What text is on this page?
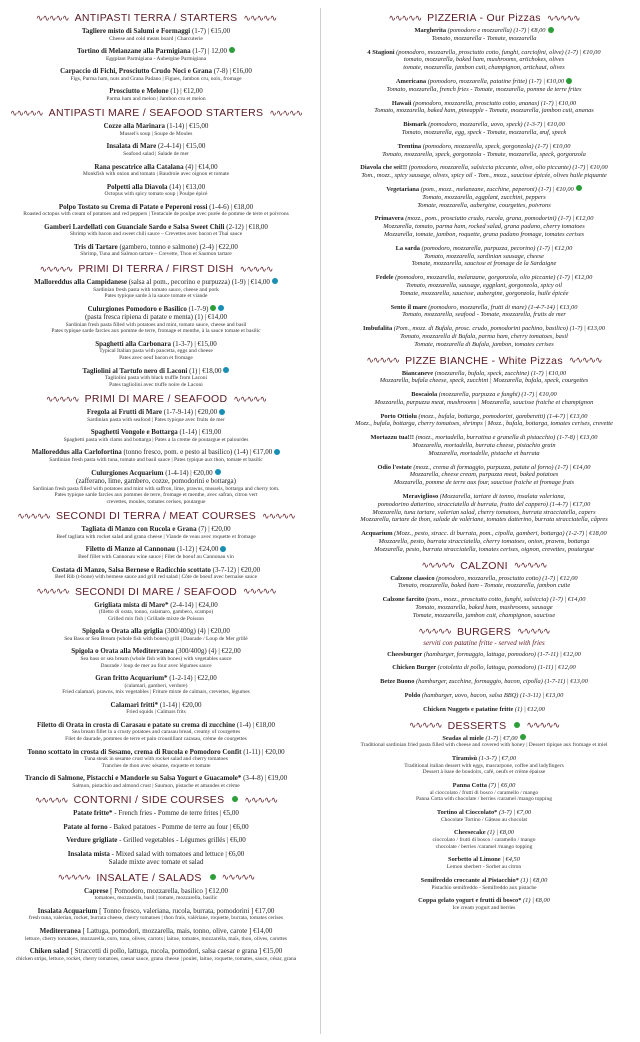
∿∿∿∿∿ ANTIPASTI TERRA / STARTERS ∿∿∿∿∿
Tagliere misto di Salumi e Formaggi (1-7) | €15,00
Cheese and cold meats board | Charcuterie
Tortino di Melanzane alla Parmigiana (1-7) | 12,00
Eggplant Parmigiana - Aubergine Parmigiana
Carpaccio di Fichi, Prosciutto Crudo Noci e Grana (7-8) | €16,00
Figs, Parma ham, nuts and Grana Padano | Figues, Jambon cru, noix, fromage
Prosciutto e Melone (1) | €12,00
Parma ham and melon | Jambon cru et melon
∿∿∿∿∿ ANTIPASTI MARE / SEAFOOD STARTERS ∿∿∿∿∿
Cozze alla Marinara (1-14) | €15,00
Mussel's soup | Soupe de Moules
Insalata di Mare (2-4-14) | €15,00
Seafood salad | Salade de mer
Rana pescatrice alla Catalana (4) | €14,00
Monkfish with onion and tomato | Baudroie avec oignon et tomate
Polpetti alla Diavola (14) | €13,00
Octopus with spicy tomato soup | Poulpe épicé
Polpo Tostato su Crema di Patate e Peperoni rossi (1-4-6) | €18,00
Roasted octopus with cream of potatoes and red peppers | Tentacule de poulpe avec purée de pomme de terre et poivrons
Gamberi Lardellati con Guanciale Sardo e Salsa Sweet Chili (2-12) | €18,00
Shrimp with bacon and sweet chili sauce – Crevettes avec bacon et Thai sauce
Tris di Tartare (gambero, tonno e salmone) (2-4) | €22,00
Shrimp, Tuna and Salmon tartare – Crevette, Thon et Saumon tartare
∿∿∿∿∿ PRIMI DI TERRA / FIRST DISH ∿∿∿∿∿
Malloreddus alla Campidanese (salsa al pom., pecorino e purpuzza) (1-9) | €14,00
Sardinian fresh pasta with tomato sauce, cheese and pork
Pates typique sarde à la sauce tomate et viande
Culurgiones Pomodoro e Basilico (1-7-9)
(pasta fresca ripiena di patate e menta) (1) | €14,00
Sardinian fresh pasta filled with potatoes and mint, tomato sauce, cheese and basil
Pates typique sarde farcies aux pomme de terre, fromage et menthe, à la sauce tomate et basilic
Spaghetti alla Carbonara (1-3-7) | €15,00
Typical Italian pasta with pancetta, eggs and cheese
Pates avec oeuf bacon et fromage
Tagliolini al Tartufo nero di Laconi (1) | €18,00
Tagliolini pasta with black truffle from Laconi
Pates tagliolini avec truffe noire de Laconi
∿∿∿∿∿ PRIMI DI MARE / SEAFOOD ∿∿∿∿∿
Fregola ai Frutti di Mare (1-7-9-14) | €20,00
Sardinian pasta with seafood | Pates typique avec fruits de mer
Spaghetti Vongole e Bottarga (1-14) | €19,00
Spaghetti pasta with clams and bottarga | Pates a la creme de poutargue et palourdes
Malloreddus alla Carlofortina (tonno fresco, pom. e pesto al basilico) (1-4) | €17,00
Sardinian fresh pasta with tuna, tomato and basil sauce | Pates typique aux thon, tomate et basilic
Culurgiones Acquarium (1-4-14) | €20,00
(zafferano, lime, gambero, cozze, pomodorini e bottarga)
Sardinian fresh pasta filled with potatoes and mint with saffron, lime, prawns, mussels, bottarga and cherry tom.
Pates typique sarde farcies aux pommes de terre, fromage et menthe, avec safran, citron vert
crevettes, moules, tomates cerises, poutargue
∿∿∿∿∿ SECONDI DI TERRA / MEAT COURSES ∿∿∿∿∿
Tagliata di Manzo con Rucola e Grana (7) | €20,00
Beef tagliata with rocket salad and grana cheese | Viande de veau avec roquette et fromage
Filetto di Manzo al Cannonau (1-12) | €24,00
Beef fillet with Cannonau wine sauce | Filet de boeuf au Cannonau vin
Costata di Manzo, Salsa Bernese e Radicchio scottato (3-7-12) | €20,00
Beef Rib (t-bone) with bernese sauce and grill red salad | Côte de boeuf avec bernaise sauce
∿∿∿∿∿ SECONDI DI MARE / SEAFOOD ∿∿∿∿∿
Grigliata mista di Mare* (2-4-14) | €24,00
(filetto di orata, tonno, calamaro, gambero, scampo)
Grilled mix fish | Grillade mixte de Poisson
Spigola o Orata alla griglia (300/400g) (4) | €20,00
Sea Bass or Sea Bream (whole fish with bones) grill | Daurade / Loup de Mer grillé
Spigola o Orata alla Mediterranea (300/400g) (4) | €22,00
Sea bass or sea bream (whole fish with bones) with vegetables sauce
Daurade / loup de mer au four avec légumes sauce
Gran fritto Acquarium* (1-2-14) | €22,00
(calamari, gamberi, verdure)
Fried calamari, prawns, mix vegetables | Friture mixte de calmars, crevettes, légumes
Calamari fritti* (1-14) | €20,00
Fried squids | Calmars frits
Filetto di Orata in crosta di Carasau e patate su crema di zucchine (1-4) | €18,00
Sea bream fillet in a crusty potatoes and carasau bread, creamy of courgettes
Filet de daurade, pommes de terre et pain croustillant carasau, crème de courgettes
Tonno scottato in crosta di Sesamo, crema di Rucola e Pomodoro Confit (1-11) | €20,00
Tuna steak in sesame crust with rocket salad and cherry tomatoes
Tranches de thon avec sésame, roquette et tomate
Trancio di Salmone, Pistacchi e Mandorle su Salsa Yogurt e Guacamole* (3-4-8) | €19,00
Salmon, pistachio and almond crust | Saumon, pistache et amandes et crème
∿∿∿∿∿ CONTORNI / SIDE COURSES ∿∿∿∿∿
Patate fritte* - French fries - Pomme de terre frites | €5,00
Patate al forno - Baked patatoes - Pomme de terre au four | €6,00
Verdure grigliate - Grilled vegetables - Légumes grillés | €6,00
Insalata mista - Mixed salad with tomatoes and lettuce | €6,00
Salade mixte avec tomate et salad
∿∿∿∿∿ INSALATE / SALADS ∿∿∿∿∿
Caprese [ Pomodoro, mozzarella, basilico ] €12,00
tomatoes, mozzarella, basil | tomate, mozzarella, basilic
Insalata Acquarium [ Tonno fresco, valeriana, rucola, burrata, pomodorini ] €17,00
fresh tuna, valerian, rocket, burrata cheese, cherry tomatoes | thon frais, valériane, roquette, burrata, tomates cerises
Mediterranea [ Lattuga, pomodori, mozzarella, mais, tonno, olive, carote ] €14,00
lettuce, cherry tomatoes, mozzarella, corn, tuna, olives, carrots | laitue, tomates, mozzarella, maïs, thon, olives, carottes
Chiken salad [ Straccetti di pollo, lattuga, rucola, pomodori, salsa caesar e grana ] €15,00
chicken strips, lettuce, rocket, cherry tomatoes, caesar sauce, grana cheese | poulet, laitue, roquette, tomates, sauce, césar, grana
∿∿∿∿∿ PIZZERIA - Our Pizzas ∿∿∿∿∿
Margherita (pomodoro e mozzarella) (1-7) | €8,00
Tomato, mozzarella - Tomate, mozzarella
4 Stagioni (pomodoro, mozzarella, prosciutto cotto, funghi, carciofini, olive) (1-7) | €10,00
tomato, mozzarella, baked ham, mushrooms, artichokes, olives
tomate, mozzarella, jambon cuit, champignon, artichaut, olives
Americana (pomodoro, mozzarella, patatine fritte) (1-7) | €10,00
Tomato, mozzarella, french fries - Tomate, mozzarella, pomme de terre frites
Hawaii (pomodoro, mozzarella, prosciutto cotto, ananas) (1-7) | €10,00
Tomato, mozzarella, baked ham, pineapple - Tomate, mozzarella, jambon cuit, ananas
Bismark (pomodoro, mozzarella, uovo, speck) (1-3-7) | €10,00
Tomato, mozzarella, egg, speck - Tomate, mozzarella, œuf, speck
Trentina (pomodoro, mozzarella, speck, gorgonzola) (1-7) | €10,00
Tomato, mozzarella, speck, gorgonzola - Tomate, mozzarella, speck, gorgonzola
Diavola che sei!!! (pomodoro, mozzarella, salsiccia piccante, olive, olio piccante) (1-7) | €10,00
Tom., mozz., spicy sausage, olives, spicy oil - Tom., mozz., saucisse épicée, olives huile piquante
Vegetariana (pom., mozz., melanzane, zucchine, peperoni) (1-7) | €10,00
Tomato, mozzarella, eggplant, zucchini, peppers
Tomate, mozzarella, aubergine, courgettes, poivrons
Primavera (mozz., pom., prosciutto crudo, rucola, grana, pomodorini) (1-7) | €12,00
Mozzarella, tomato, parma ham, rocked salad, grana padano, cherry tomatoes
Mozzarella, tomate, jambon, roquette, grana padano fromage, tomates cerises
La sarda (pomodoro, mozzarella, purpuzza, pecorino) (1-7) | €12,00
Tomato, mozzarella, sardinian sausage, cheese
Tomate, mozzarella, saucisse et fromage de la Sardaigne
Fedele (pomodoro, mozzarella, melanzane, gorgonzola, olio piccante) (1-7) | €12,00
Tomato, mozzarella, sausage, eggplant, gorgonzola, spicy oil
Tomate, mozzarella, saucisse, aubergine, gorgonzola, huile épicée
Sento il mare (pomodoro, mozzarella, frutti di mare) (1-4-7-14) | €13,00
Tomato, mozzarella, seafood - Tomate, mozzarella, fruits de mer
Imbufalita (Pom., mozz. di Bufala, prosc. crudo, pomodorini pachino, basilico) (1-7) | €13,00
Tomato, mozzarella di Bufala, parma ham, cherry tomatoes, basil
Tomate, mozzarella di Bufala, jambon, tomates cerises
∿∿∿∿∿ PIZZE BIANCHE - White Pizzas ∿∿∿∿∿
Biancaneve (mozzarella, bufala, speck, zucchine) (1-7) | €10,00
Mozzarella, bufala cheese, speck, zucchini | Mozzarella, bufala, speck, courgettes
Boscaiola (mozzarella, purpuzza e funghi) (1-7) | €10,00
Mozzarella, purpuzza meat, mushrooms | Mozzarella, saucisse fraiche et champignon
Porto Ottiolu (mozz., bufala, bottarga, pomodorini, gamberetti) (1-4-7) | €13,00
Mozz., bufala, bottarga, cherry tomatoes, shrimps | Mozz., bufala, bottarga, tomates cerises, crevette
Mortazzu tua!!! (mozz., mortadella, burratina e granella di pistacchio) (1-7-8) | €13,00
Mozzarella, mortadella, burrata cheese, pistachio grain
Mozzarella, mortadelle, pistache et burrata
Odio l'estate (mozz., crema di formaggio, purpuzza, patate al forno) (1-7) | €14,00
Mozzarella, cheese cream, purpuzza meat, baked potatoes
Mozzarella, pomme de terre aux four, saucisse fraiche et fromage frais
Meraviglioso (Mozzarella, tartare di tonno, insalata valeriana,
pomodorino datterino, stracciatella di burrata, frutto del cappero) (1-4-7) | €17,00
Mozzarella, tuna tartare, valerian salad, cherry tomatoes, burrata stracciatella, capers
Mozzarella, tartare de thon, salade de valériane, tomates datterino, burrata stracciatella, câpres
Acquarium (Mozz., pesto, stracc. di burrata, pom., cipolla, gamberi, bottarga) (1-2-7) | €18,00
Mozzarella, pesto, burrata stracciatella, cherry tomatoes, onion, prawns, bottarga
Mozzarella, pesto, burrata stracciatella, tomates cerises, oignon, crevettes, poutargue
∿∿∿∿∿ CALZONI ∿∿∿∿∿
Calzone classico (pomodoro, mozzarella, prosciutto cotto) (1-7) | €12,00
Tomato, mozzarella, baked ham - Tomate, mozzarella, jambon cuite
Calzone farcito (pom., mozz., prosciutto cotto, funghi, salsiccia) (1-7) | €14,00
Tomato, mozzarella, baked ham, mushrooms, sausage
Tomate, mozzarella, jambon cuit, champignon, saucisse
∿∿∿∿∿ BURGERS ∿∿∿∿∿
serviti con patatine fritte - served with fries
Cheesburger (hamburger, formaggio, lattuga, pomodoro) (1-7-11) | €12,00
Chicken Burger (cotoletta di pollo, lattuga, pomodoro) (1-11) | €12,00
Betze Buono (hamburger, zucchine, formaggio, bacon, cipolla) (1-7-11) | €13,00
Poldo (hamburger, uovo, bacon, salsa BBQ) (1-3-11) | €13,00
Chicken Nuggets e patatine fritte (1) | €12,00
∿∿∿∿∿ DESSERTS ∿∿∿∿∿
Seadas al miele (1-7) | €7,00
Traditional sardinian fried pasta filled with cheese and covered with honey | Dessert tipique aux fromage et miel
Tiramisù (1-3-7) | €7,00
Traditional italian dessert with eggs, mascarpone, coffee and ladyfingers
Dessert à base de boudoirs, café, oeufs et crème épaisse
Panna Cotta (7) | €6,00
al cioccolato / frutti di bosco / caramello / mango
Panna Cotta with chocolate / berries /caramel /mango topping
Tortino al Cioccolato* (3-7) | €7,00
Chocolate Tortino / Gâteau au chocolat
Cheesecake (1) | €8,00
cioccolato / frutti di bosco / caramello / mango
chocolate / berries /caramel /mango topping
Sorbetto al Limone | €4,50
Lemon sherbert - Sorbet au citron
Semifreddo croccante al Pistacchio* (1) | €8,00
Pistachio semifreddo - Semifreddo aux pistache
Coppa gelato yogurt e frutti di bosco* (1) | €8,00
Ice cream yogurt and berries
